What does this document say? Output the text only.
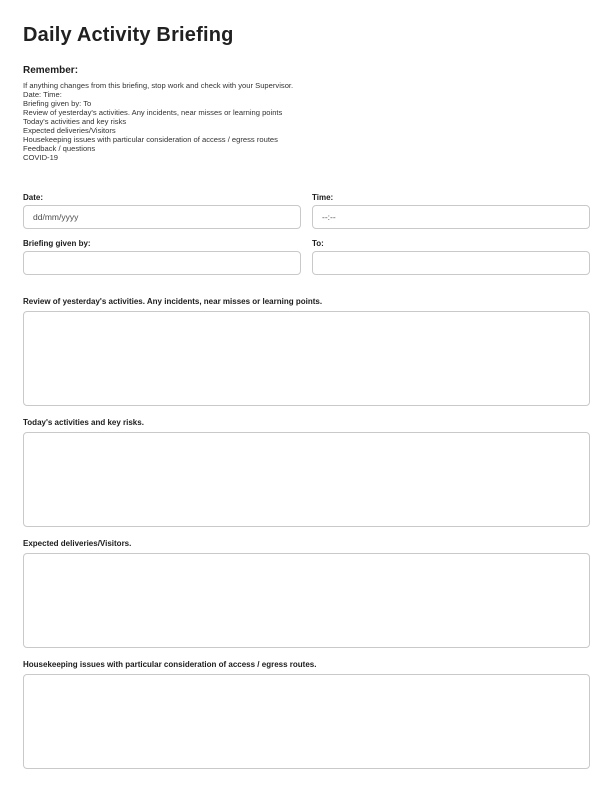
Daily Activity Briefing
Remember:
If anything changes from this briefing, stop work and check with your Supervisor.
Date: Time:
Briefing given by: To
Review of yesterday's activities. Any incidents, near misses or learning points
Today's activities and key risks
Expected deliveries/Visitors
Housekeeping issues with particular consideration of access / egress routes
Feedback / questions
COVID-19
Date:
dd/mm/yyyy	Time:
--:--
Briefing given by:	To:
Review of yesterday's activities. Any incidents, near misses or learning points.
Today's activities and key risks.
Expected deliveries/Visitors.
Housekeeping issues with particular consideration of access / egress routes.
